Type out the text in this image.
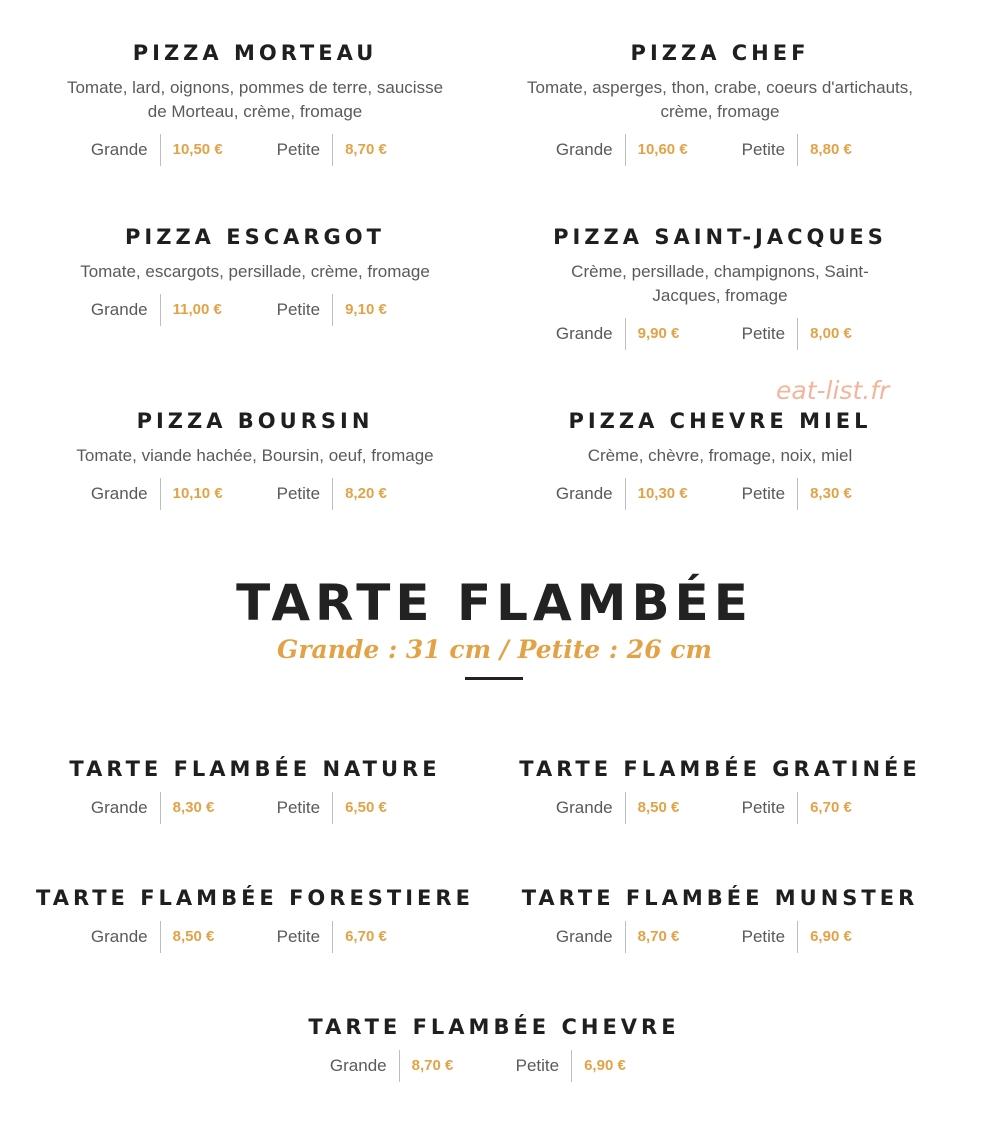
PIZZA MORTEAU
Tomate, lard, oignons, pommes de terre, saucisse de Morteau, crème, fromage
Grande	10,50 €	Petite	8,70 €
PIZZA CHEF
Tomate, asperges, thon, crabe, coeurs d'artichauts, crème, fromage
Grande	10,60 €	Petite	8,80 €
PIZZA ESCARGOT
Tomate, escargots, persillade, crème, fromage
Grande	11,00 €	Petite	9,10 €
PIZZA SAINT-JACQUES
Crème, persillade, champignons, Saint-Jacques, fromage
Grande	9,90 €	Petite	8,00 €
PIZZA BOURSIN
Tomate, viande hachée, Boursin, oeuf, fromage
Grande	10,10 €	Petite	8,20 €
PIZZA CHEVRE MIEL
Crème, chèvre, fromage, noix, miel
Grande	10,30 €	Petite	8,30 €
eat-list.fr
TARTE FLAMBÉE
Grande : 31 cm / Petite : 26 cm
TARTE FLAMBÉE NATURE
Grande	8,30 €	Petite	6,50 €
TARTE FLAMBÉE GRATINÉE
Grande	8,50 €	Petite	6,70 €
TARTE FLAMBÉE FORESTIERE
Grande	8,50 €	Petite	6,70 €
TARTE FLAMBÉE MUNSTER
Grande	8,70 €	Petite	6,90 €
TARTE FLAMBÉE CHEVRE
Grande	8,70 €	Petite	6,90 €
